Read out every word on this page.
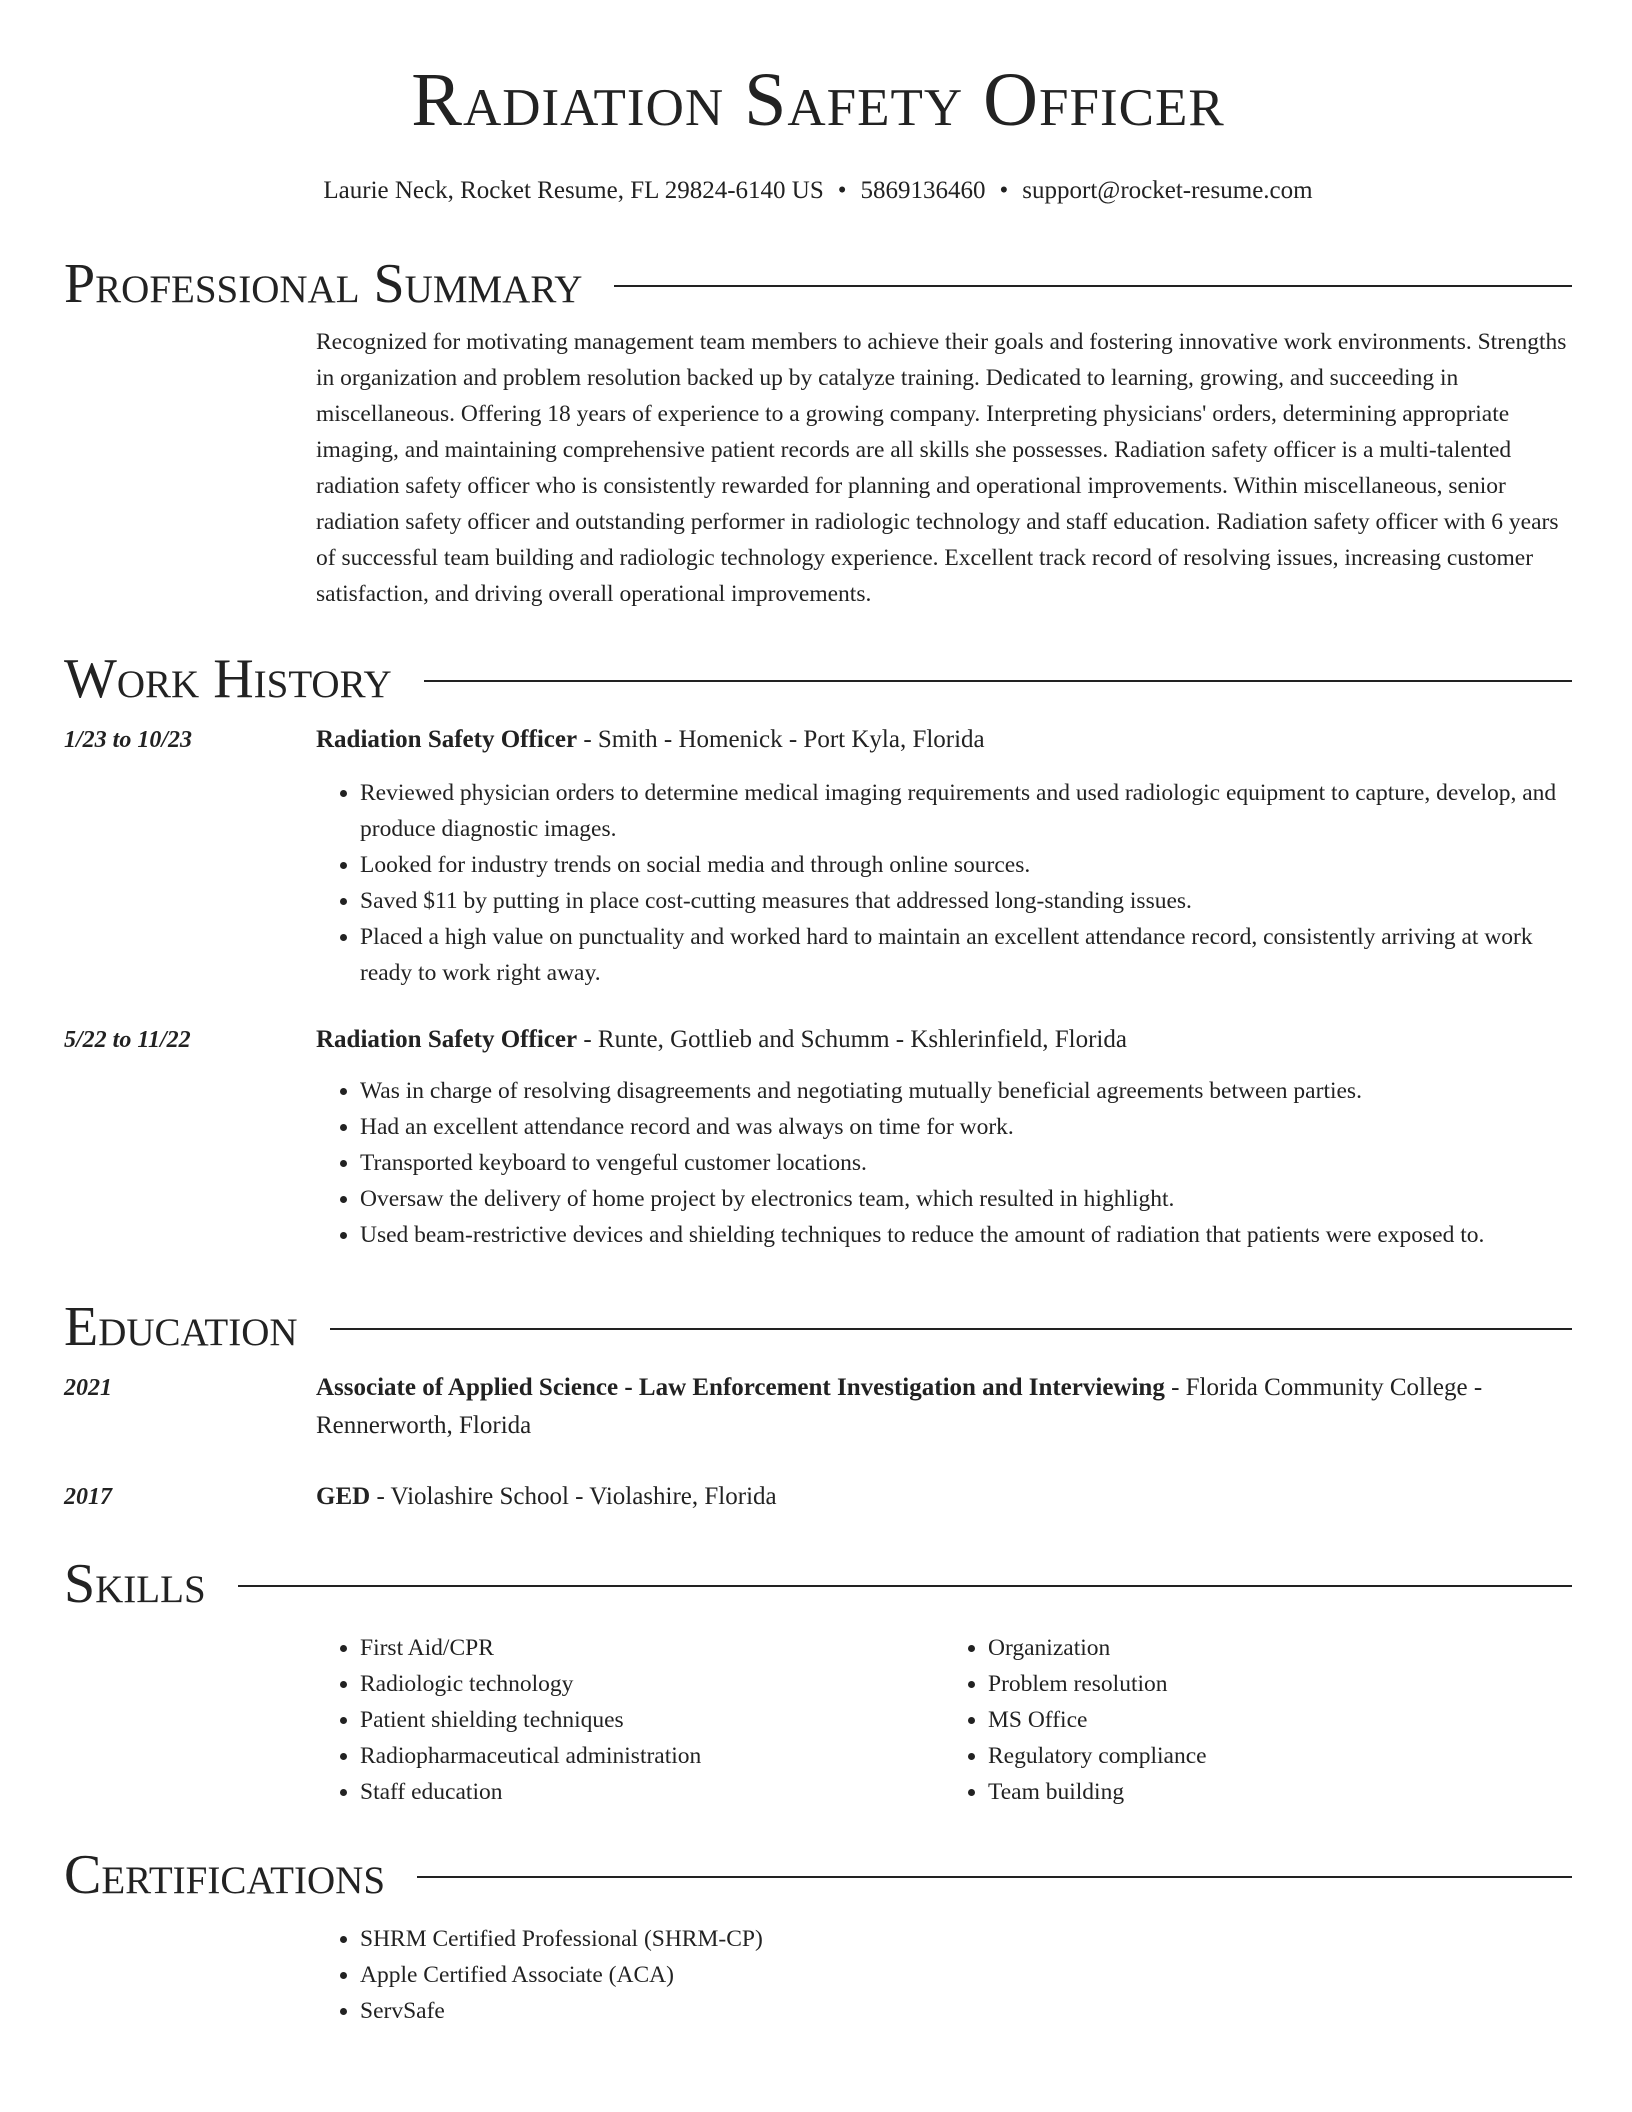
Radiation Safety Officer
Laurie Neck, Rocket Resume, FL 29824-6140 US • 5869136460 • support@rocket-resume.com
Professional Summary
Recognized for motivating management team members to achieve their goals and fostering innovative work environments. Strengths in organization and problem resolution backed up by catalyze training. Dedicated to learning, growing, and succeeding in miscellaneous. Offering 18 years of experience to a growing company. Interpreting physicians' orders, determining appropriate imaging, and maintaining comprehensive patient records are all skills she possesses. Radiation safety officer is a multi-talented radiation safety officer who is consistently rewarded for planning and operational improvements. Within miscellaneous, senior radiation safety officer and outstanding performer in radiologic technology and staff education. Radiation safety officer with 6 years of successful team building and radiologic technology experience. Excellent track record of resolving issues, increasing customer satisfaction, and driving overall operational improvements.
Work History
1/23 to 10/23	Radiation Safety Officer - Smith - Homenick - Port Kyla, Florida
• Reviewed physician orders to determine medical imaging requirements and used radiologic equipment to capture, develop, and produce diagnostic images.
• Looked for industry trends on social media and through online sources.
• Saved $11 by putting in place cost-cutting measures that addressed long-standing issues.
• Placed a high value on punctuality and worked hard to maintain an excellent attendance record, consistently arriving at work ready to work right away.
5/22 to 11/22	Radiation Safety Officer - Runte, Gottlieb and Schumm - Kshlerinfield, Florida
• Was in charge of resolving disagreements and negotiating mutually beneficial agreements between parties.
• Had an excellent attendance record and was always on time for work.
• Transported keyboard to vengeful customer locations.
• Oversaw the delivery of home project by electronics team, which resulted in highlight.
• Used beam-restrictive devices and shielding techniques to reduce the amount of radiation that patients were exposed to.
Education
2021	Associate of Applied Science - Law Enforcement Investigation and Interviewing - Florida Community College - Rennerworth, Florida
2017	GED - Violashire School - Violashire, Florida
Skills
• First Aid/CPR
• Radiologic technology
• Patient shielding techniques
• Radiopharmaceutical administration
• Staff education
• Organization
• Problem resolution
• MS Office
• Regulatory compliance
• Team building
Certifications
• SHRM Certified Professional (SHRM-CP)
• Apple Certified Associate (ACA)
• ServSafe
